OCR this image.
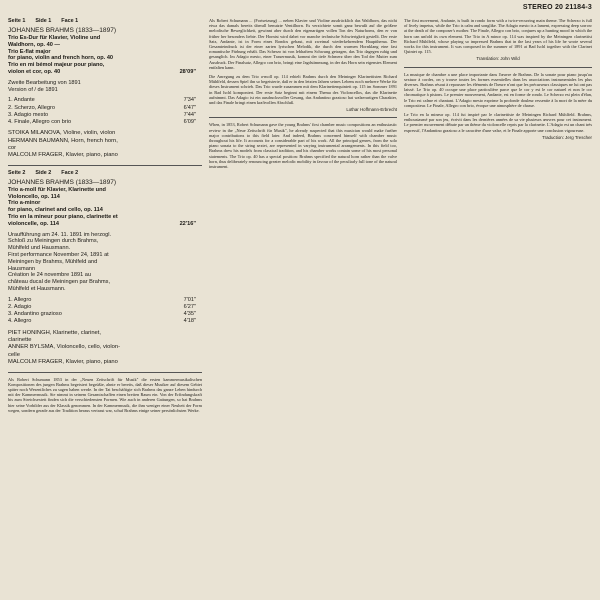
STEREO 20 21184-3
Seite 1 Side 1 Face 1
JOHANNES BRAHMS (1833—1897)
Trio Es-Dur für Klavier, Violine und
Waldhorn, op. 40 —
Trio E-flat major
for piano, violin and french horn, op. 40
Trio en mi bémol majeur pour piano,
violon et cor, op. 40	28'09"
Zweite Bearbeitung von 1891
Version of / de 1891
1. Andante	7'34"
2. Scherzo, Allegro	6'47"
3. Adagio mesto	7'44"
4. Finale, Allegro con brio	6'09"
STOIKA MILANOVA, Violine, violin, violon
HERMANN BAUMANN, Horn, french horn,
cor
MALCOLM FRAGER, Klavier, piano, piano
Seite 2 Side 2 Face 2
JOHANNES BRAHMS (1833—1897)
Trio a-moll für Klavier, Klarinette und
Violoncello, op. 114
Trio a-minor
for piano, clarinet and cello, op. 114
Trio en la mineur pour piano, clarinette et
violoncelle, op. 114	22'16"
Uraufführung am 24. 11. 1891 im herzogl.
Schloß zu Meiningen durch Brahms,
Mühlfeld und Hausmann.
First performance November 24, 1891 at
Meiningen by Brahms, Mühlfeld and
Hausmann
Création le 24 novembre 1891 au
château ducal de Meiningen par Brahms,
Mühlfeld et Hausmann.
1. Allegro	7'01"
2. Adagio	6'27"
3. Andantino grazioso	4'35"
4. Allegro	4'18"
PIET HONINGH, Klarinette, clarinet,
clarinette
ANNER BYLSMA, Violoncello, cello, violon-
celle
MALCOLM FRAGER, Klavier, piano, piano
Als Robert Schumann 1853 in der „Neuen Zeitschrift für Musik" die ersten kammermusikalischen Kompositionen des jungen Brahms begeistert begrüßte, ahnte er bereits, daß dieser Musiker auf diesem Gebiet später noch Wesentliches zu sagen haben werde. In der Tat beschäftigte sich Brahms das ganze Leben hindurch mit der Kammermusik. Sie nimmt in seinem Gesamtschaffen einen breiten Raum ein. Von der Erfindungskraft bis zum Streichsextett finden sich die verschiedensten Formen. Wie auch in anderen Gattungen, so hat Brahms hier seine Vorbilder aus der Klassik genommen. In der Kammermusik, die ihm weniger einer Neuheit der Form wegen, sondern gerade aus der Tradition heraus vertraut war, schuf Brahms einige seiner persönlichsten Werke.
Als Robert Schumann ... (Fortsetzung) ... neben Klavier und Violine ausdrücklich das Waldhorn, das nicht etwa das damals bereits überall benutzte Ventilhorn. Es verzichtete somit ganz bewußt auf die größere melodische Beweglichkeit, gewinnt aber durch den eigenartigen vollen Ton des Naturhorns, den er von früher her besonders liebte. Der Hornist wird dabei vor manche technische Schwierigkeit gestellt. Der erste Satz, Andante, ist in Form eines Rondos gebaut, mit zweimal wiederkehrendem Hauptthema. Der Gesamteindruck ist der einer zarten lyrischen Melodik, die durch den warmen Hornklang eine fast romantische Färbung erhält. Das Scherzo ist von lebhaftem Schwung getragen, das Trio dagegen ruhig und gesanglich. Im Adagio mesto, einer Trauermusik, kommt der tiefe Schmerz über den Tod der Mutter zum Ausdruck. Der Finalsatz, Allegro con brio, bringt eine Jagdstimmung, in der das Horn sein eigenstes Element entfalten kann.
Die Anregung zu dem Trio a-moll op. 114 erhielt Brahms durch den Meininger Klarinettisten Richard Mühlfeld, dessen Spiel ihn so begeisterte, daß er in den letzten Jahren seines Lebens noch mehrere Werke für dieses Instrument schrieb. Das Trio wurde zusammen mit dem Klarinettenquintett op. 115 im Sommer 1891 in Bad Ischl komponiert. Der erste Satz beginnt mit einem Thema des Violoncellos, das die Klarinette aufnimmt. Das Adagio ist ein ausdrucksvoller Gesang, das Andantino grazioso hat walzerartigen Charakter, und das Finale bringt einen kraftvollen Abschluß.
Lothar Hoffmann-Erbrecht
When, in 1853, Robert Schumann gave the young Brahms' first chamber music compositions an enthusiastic review in the „Neue Zeitschrift für Musik", he already suspected that this musician would make further major contributions to this field later. And indeed, Brahms concerned himself with chamber music throughout his life. It accounts for a considerable part of his work. All the principal genres, from the solo piano sonata to the string sextet, are represented in varying instrumental arrangements. In this field too, Brahms drew his models from classical tradition, and his chamber works contain some of his most personal statements. The Trio op. 40 has a special position: Brahms specified the natural horn rather than the valve horn, thus deliberately renouncing greater melodic mobility in favour of the peculiarly full tone of the natural instrument.
The first movement, Andante, is built in rondo form with a twice-recurring main theme. The Scherzo is full of lively impetus, while the Trio is calm and songlike. The Adagio mesto is a lament, expressing deep sorrow at the death of the composer's mother. The Finale, Allegro con brio, conjures up a hunting mood in which the horn can unfold its own element. The Trio in A minor op. 114 was inspired by the Meiningen clarinettist Richard Mühlfeld, whose playing so impressed Brahms that in the last years of his life he wrote several works for this instrument. It was composed in the summer of 1891 at Bad Ischl together with the Clarinet Quintet op. 115.
Translation: John Wild
La musique de chambre a une place importante dans l'œuvre de Brahms. De la sonate pour piano jusqu'au sextuor à cordes, on y trouve toutes les formes essentielles dans les associations instrumentales les plus diverses. Brahms résout à repousser les éléments de l'heure n'ont que les précurseurs classiques ne lui ont pas laissé. Le Trio op. 40 occupe une place particulière parce que le cor y est le cor naturel et non le cor chromatique à pistons. Le premier mouvement, Andante, est en forme de rondo. Le Scherzo est plein d'élan, le Trio est calme et chantant. L'Adagio mesto exprime la profonde douleur ressentie à la mort de la mère du compositeur. Le Finale, Allegro con brio, évoque une atmosphère de chasse.
Le Trio en la mineur op. 114 fut inspiré par le clarinettiste de Meiningen Richard Mühlfeld. Brahms, enthousiasmé par son jeu, écrivit dans les dernières années de sa vie plusieurs œuvres pour cet instrument. Le premier mouvement débute par un thème du violoncelle repris par la clarinette. L'Adagio est un chant très expressif, l'Andantino grazioso a le caractère d'une valse, et le Finale apporte une conclusion vigoureuse.
Traduction: Jerg Trescher
